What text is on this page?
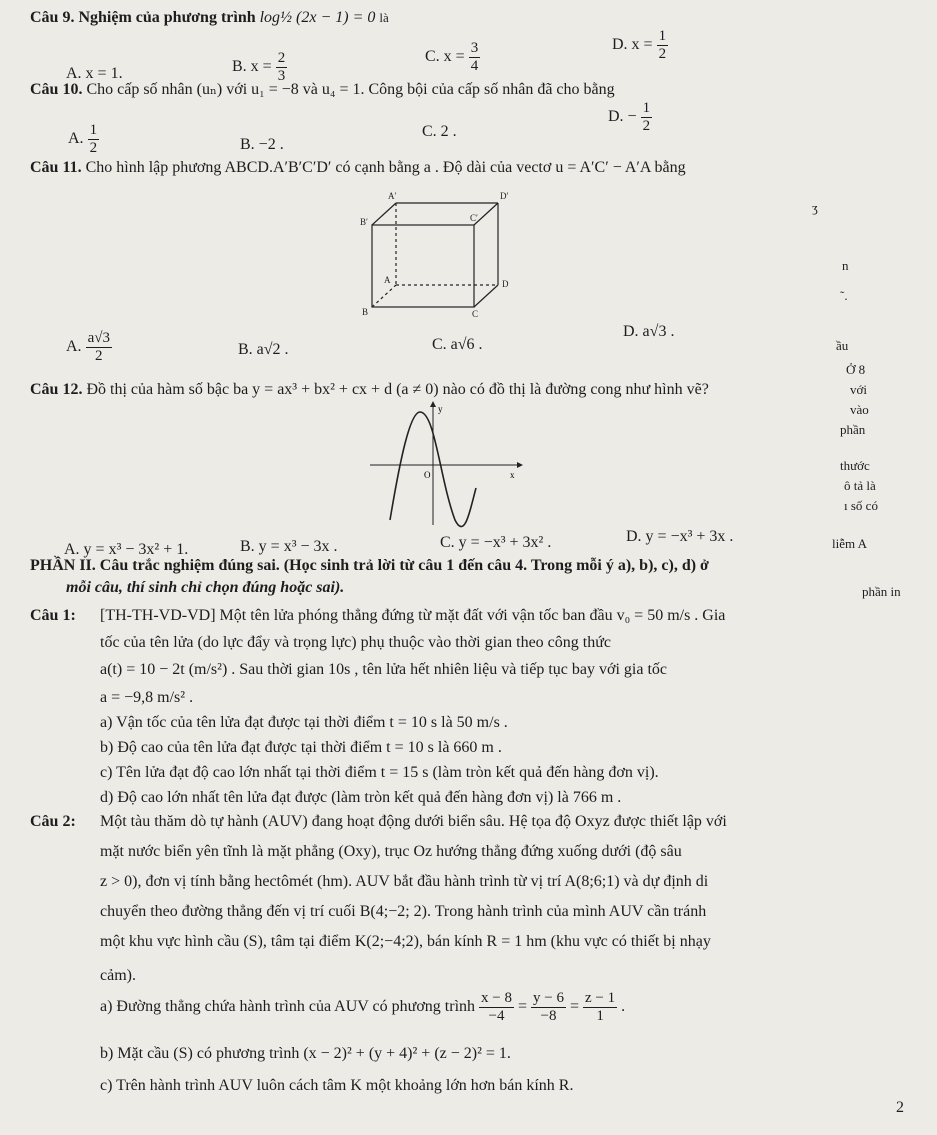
Câu 9. Nghiệm của phương trình log½ (2x − 1) = 0 là
A. x = 1.	B. $x = \frac{2}{3}$	C. $x = \frac{3}{4}$	D. $x = \frac{1}{2}$
Câu 10. Cho cấp số nhân (uₙ) với u₁ = −8 và u₄ = 1. Công bội của cấp số nhân đã cho bằng
A. $\frac{1}{2}$	B. −2 .
C. 2 .
D. − $\frac{1}{2}$
Câu 11. Cho hình lập phương ABCD.A′B′C′D′ có cạnh bằng a . Độ dài của vectơ u = A′C′ − A′A bằng
A′	D′
B′	C′
A	D
B	C
A. $\frac{a√3}{2}$	B. a√2 .	C. a√6 .
D. a√3 .
Câu 12. Đồ thị của hàm số bậc ba y = ax³ + bx² + cx + d (a ≠ 0) nào có đồ thị là đường cong như hình vẽ?
y
x
O
A. y = x³ − 3x² + 1.	B. y = x³ − 3x .	C. y = −x³ + 3x² .	D. y = −x³ + 3x .
ʒ
n
˜.
ầu
Ở 8
với
vào
phần
thước
ô tả là
ı số có
liễm A
phần in
PHẦN II. Câu trắc nghiệm đúng sai. (Học sinh trả lời từ câu 1 đến câu 4. Trong mỗi ý a), b), c), d) ở
mỗi câu, thí sinh chỉ chọn đúng hoặc sai).
Câu 1: [TH-TH-VD-VD] Một tên lửa phóng thẳng đứng từ mặt đất với vận tốc ban đầu v₀ = 50 m/s . Gia
tốc của tên lửa (do lực đẩy và trọng lực) phụ thuộc vào thời gian theo công thức
a(t) = 10 − 2t (m/s²) . Sau thời gian 10s , tên lửa hết nhiên liệu và tiếp tục bay với gia tốc
a = −9,8 m/s² .
a) Vận tốc của tên lửa đạt được tại thời điểm t = 10 s là 50 m/s .
b) Độ cao của tên lửa đạt được tại thời điểm t = 10 s là 660 m .
c) Tên lửa đạt độ cao lớn nhất tại thời điểm t = 15 s (làm tròn kết quả đến hàng đơn vị).
d) Độ cao lớn nhất tên lửa đạt được (làm tròn kết quả đến hàng đơn vị) là 766 m .
Câu 2: Một tàu thăm dò tự hành (AUV) đang hoạt động dưới biển sâu. Hệ tọa độ Oxyz được thiết lập với
mặt nước biển yên tĩnh là mặt phẳng (Oxy), trục Oz hướng thẳng đứng xuống dưới (độ sâu
z > 0), đơn vị tính bằng hectômét (hm). AUV bắt đầu hành trình từ vị trí A(8;6;1) và dự định di
chuyển theo đường thẳng đến vị trí cuối B(4;−2; 2). Trong hành trình của mình AUV cần tránh
một khu vực hình cầu (S), tâm tại điểm K(2;−4;2), bán kính R = 1 hm (khu vực có thiết bị nhạy
cảm).
a) Đường thẳng chứa hành trình của AUV có phương trình $\frac{x - 8}{-4} = \frac{y - 6}{-8} = \frac{z - 1}{1}$ .
b) Mặt cầu (S) có phương trình (x − 2)² + (y + 4)² + (z − 2)² = 1.
c) Trên hành trình AUV luôn cách tâm K một khoảng lớn hơn bán kính R.
2
